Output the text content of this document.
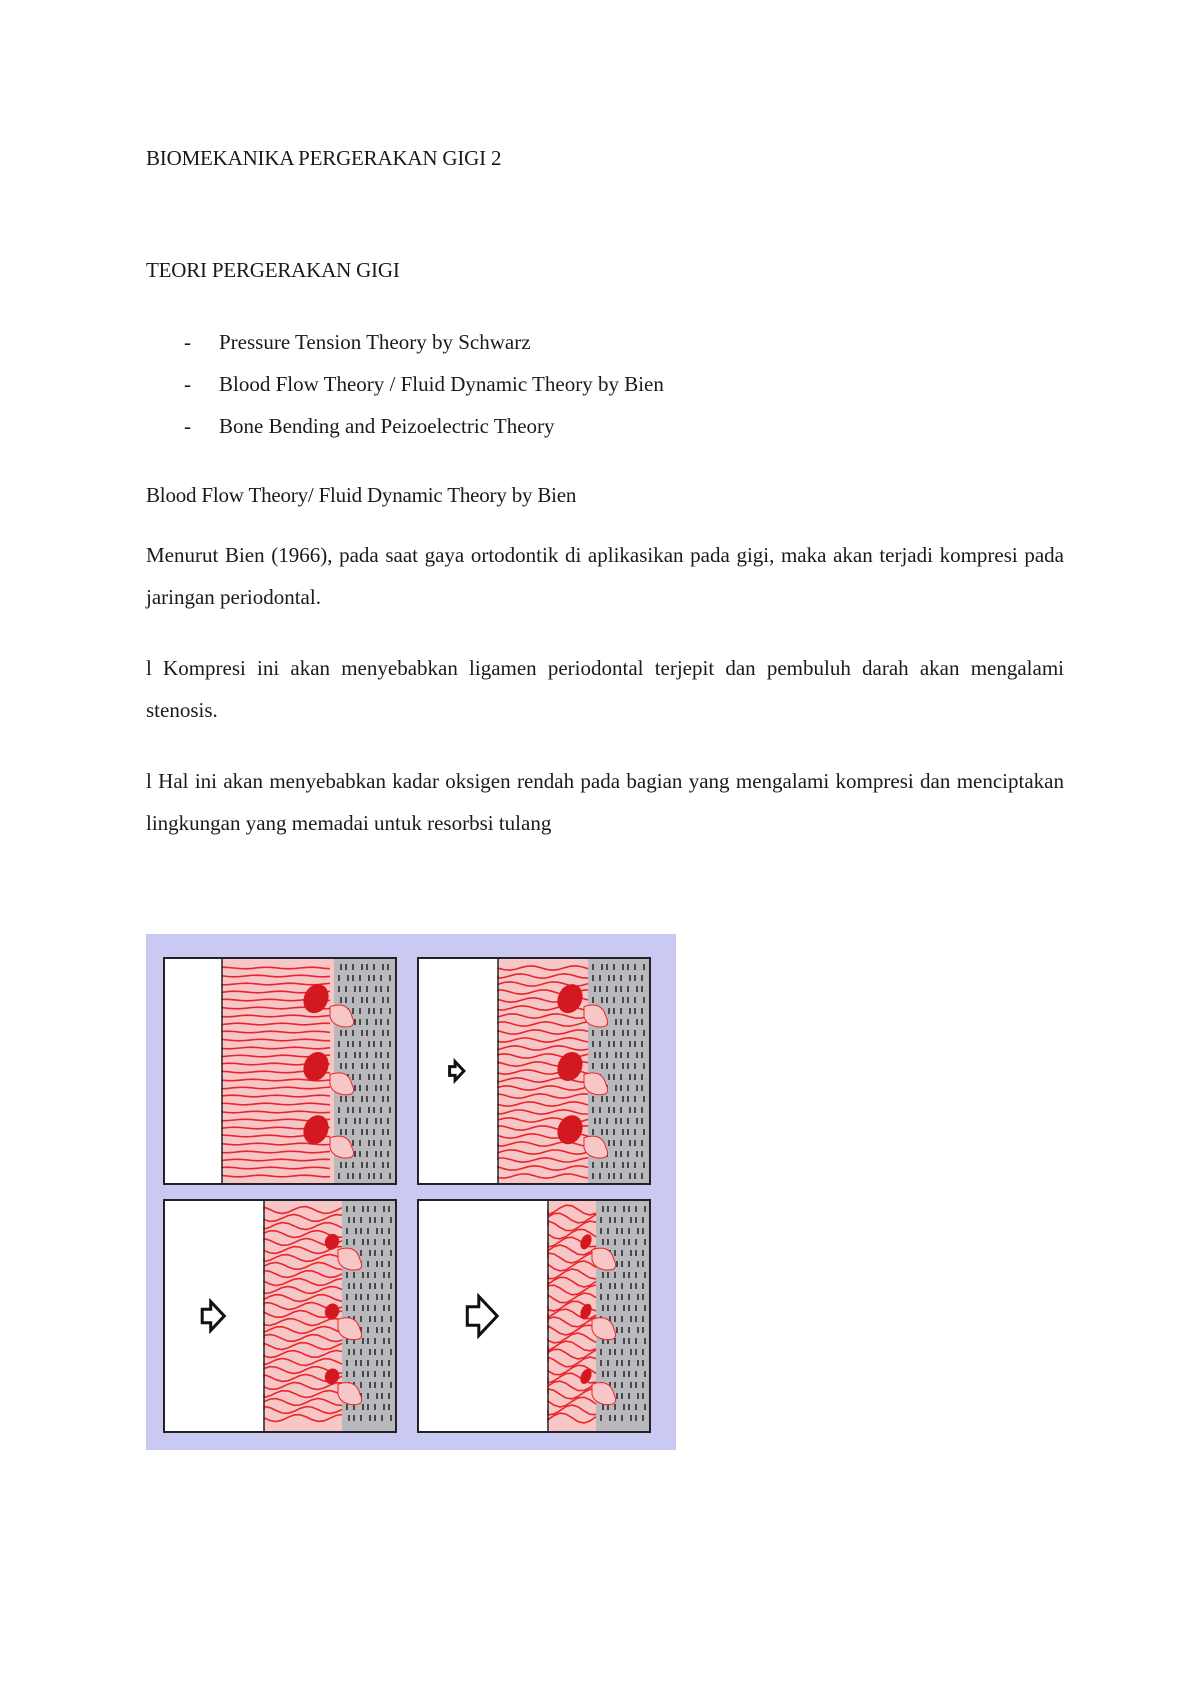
BIOMEKANIKA PERGERAKAN GIGI 2
TEORI PERGERAKAN GIGI
- Pressure Tension Theory by Schwarz
- Blood Flow Theory / Fluid Dynamic Theory by Bien
- Bone Bending and Peizoelectric Theory
Blood Flow Theory/ Fluid Dynamic Theory by Bien

Menurut Bien (1966), pada saat gaya ortodontik di aplikasikan pada gigi, maka akan terjadi kompresi pada jaringan periodontal.

l Kompresi ini akan menyebabkan ligamen periodontal terjepit dan pembuluh darah akan mengalami stenosis.

l Hal ini akan menyebabkan kadar oksigen rendah pada bagian yang mengalami kompresi dan menciptakan lingkungan yang memadai untuk resorbsi tulang
